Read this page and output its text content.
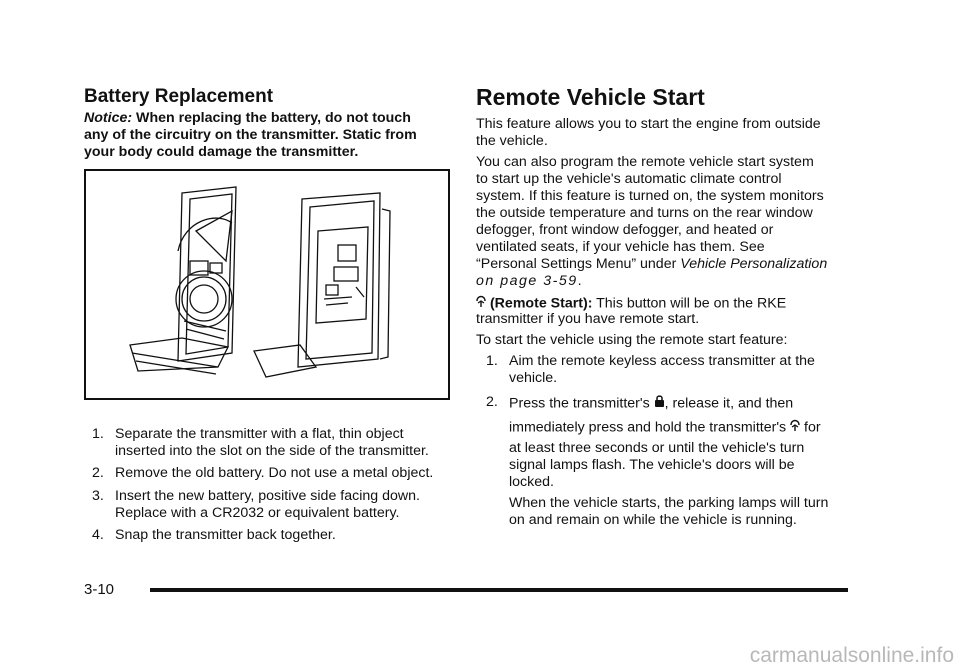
Battery Replacement

Notice: When replacing the battery, do not touch

any of the circuitry on the transmitter. Static from

your body could damage the transmitter.

1. Separate the transmitter with a flat, thin object

inserted into the slot on the side of the transmitter.

2. Remove the old battery. Do not use a metal object.

3. Insert the new battery, positive side facing down.

Replace with a CR2032 or equivalent battery.

4. Snap the transmitter back together.

Remote Vehicle Start

This feature allows you to start the engine from outside

the vehicle.

You can also program the remote vehicle start system

to start up the vehicle's automatic climate control

system. If this feature is turned on, the system monitors

the outside temperature and turns on the rear window

defogger, front window defogger, and heated or

ventilated seats, if your vehicle has them. See

“Personal Settings Menu” under Vehicle Personalization

on page 3‑59.

(Remote Start): This button will be on the RKE

transmitter if you have remote start.

To start the vehicle using the remote start feature:

1. Aim the remote keyless access transmitter at the

vehicle.

2. Press the transmitter's , release it, and then

immediately press and hold the transmitter's  for

at least three seconds or until the vehicle's turn

signal lamps flash. The vehicle's doors will be

locked.

When the vehicle starts, the parking lamps will turn

on and remain on while the vehicle is running.

3-10
carmanualsonline.info
